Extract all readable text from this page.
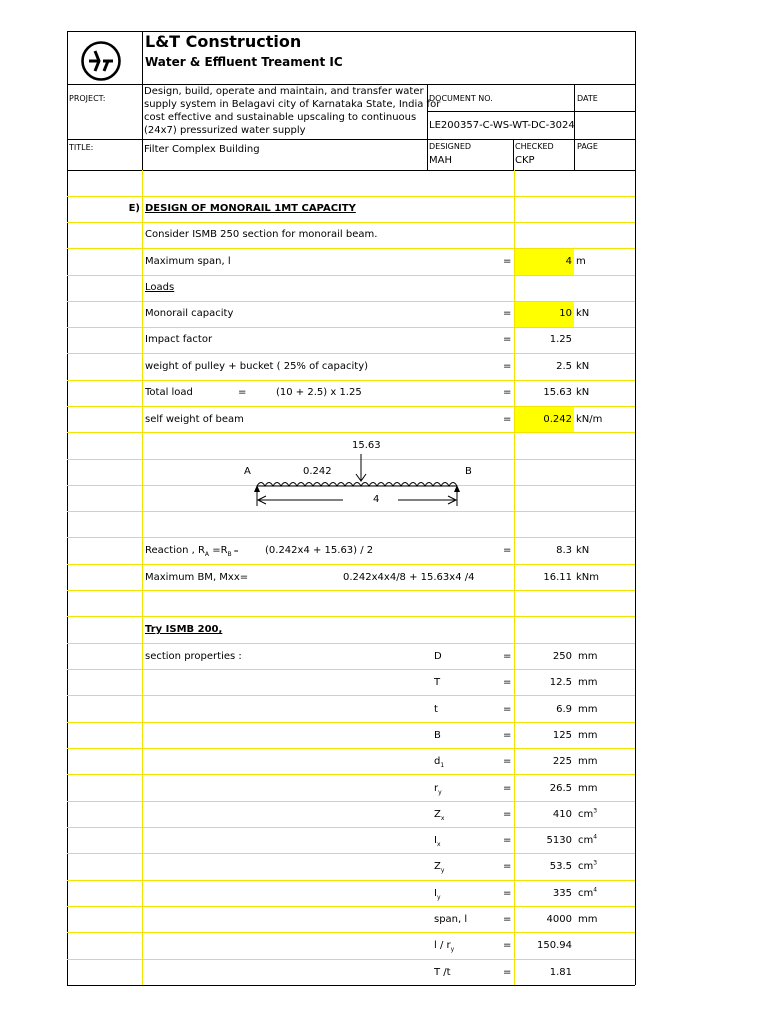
L&T Construction
Water & Effluent Treament IC
PROJECT:
Design, build, operate and maintain, and transfer water
supply system in Belagavi city of Karnataka State, India for
cost effective and sustainable upscaling to continuous
(24x7) pressurized water supply
DOCUMENT NO.	DATE
LE200357-C-WS-WT-DC-3024
TITLE:	Filter Complex Building	DESIGNED
MAH
CHECKED
CKP
PAGE
E) DESIGN OF MONORAIL 1MT CAPACITY
Consider ISMB 250 section for monorail beam.
Maximum span, l	=	4 m
Loads
Monorail capacity	=	10 kN
Impact factor	=	1.25
weight of pulley + bucket ( 25% of capacity)	=	2.5 kN
Total load	=	(10 + 2.5) x 1.25	=	15.63 kN
self weight of beam	=	0.242 kN/m
15.63
0.242
A	B
4
Reaction , $R_A =R_B$ =	(0.242x4 + 15.63) / 2	=	8.3 kN
Maximum BM, Mxx=	0.242x4x4/8 + 15.63x4 /4	16.11 kNm
Try ISMB 200,
section properties :	D	=	250 mm
T	=	12.5 mm
t	=	6.9 mm
B	=	125 mm
$d_1$	=	225 mm
$r_y$	=	26.5 mm
$Z_x$	=	410 $cm^3$
$I_x$	=	5130 $cm^4$
$Z_y$	=	53.5 $cm^3$
$I_y$	=	335 $cm^4$
span, l	=	4000 mm
l / $r_y$	=	150.94
T /t	=	1.81
